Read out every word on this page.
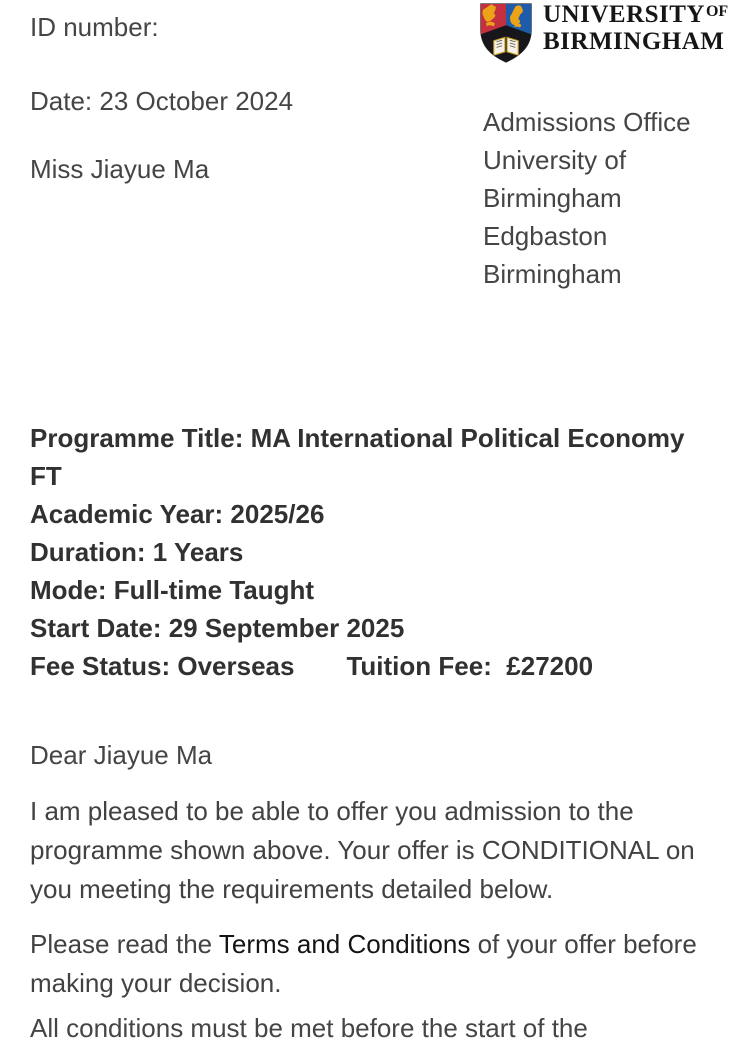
ID number:
Date: 23 October 2024
Miss Jiayue Ma
$UNIVERSITY^{OF}$
BIRMINGHAM
Admissions Office
University of
Birmingham
Edgbaston
Birmingham
Programme Title: MA International Political Economy
FT
Academic Year: 2025/26
Duration: 1 Years
Mode: Full-time Taught
Start Date: 29 September 2025
Fee Status: Overseas Tuition Fee:  £27200
Dear Jiayue Ma
I am pleased to be able to offer you admission to the
programme shown above. Your offer is CONDITIONAL on
you meeting the requirements detailed below.
Please read the Terms and Conditions of your offer before
making your decision.
All conditions must be met before the start of the
